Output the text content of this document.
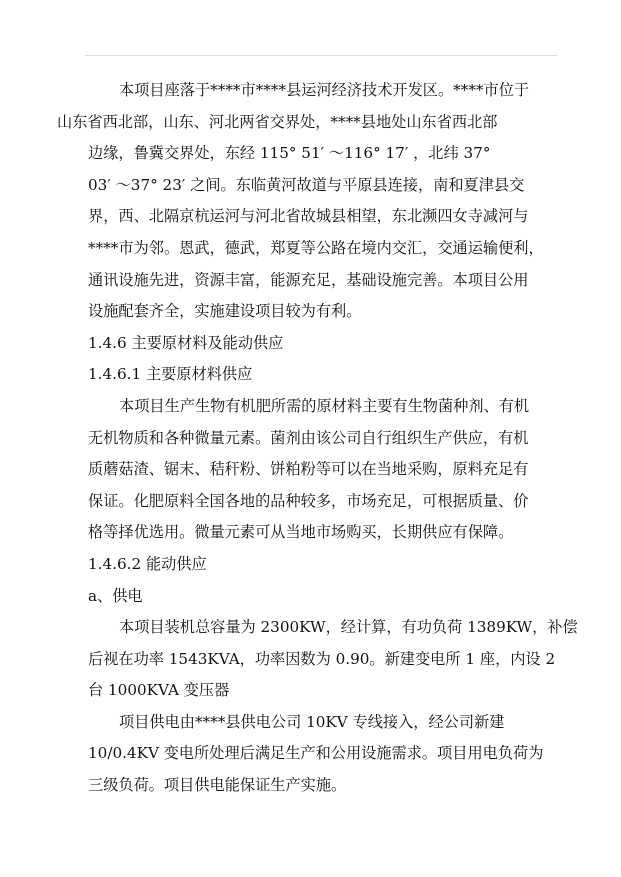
本项目座落于****市****县运河经济技术开发区。****市位于
山东省西北部，山东、河北两省交界处，****县地处山东省西北部
边缘，鲁冀交界处，东经 115° 51′ ～116° 17′ ，北纬 37°
03′ ～37° 23′ 之间。东临黄河故道与平原县连接，南和夏津县交
界，西、北隔京杭运河与河北省故城县相望，东北濒四女寺减河与
****市为邻。恩武，德武，郑夏等公路在境内交汇，交通运输便利，
通讯设施先进，资源丰富，能源充足，基础设施完善。本项目公用
设施配套齐全，实施建设项目较为有利。

1.4.6 主要原材料及能动供应

1.4.6.1 主要原材料供应

本项目生产生物有机肥所需的原材料主要有生物菌种剂、有机
无机物质和各种微量元素。菌剂由该公司自行组织生产供应，有机
质蘑菇渣、锯末、秸秆粉、饼粕粉等可以在当地采购，原料充足有
保证。化肥原料全国各地的品种较多，市场充足，可根据质量、价
格等择优选用。微量元素可从当地市场购买，长期供应有保障。

1.4.6.2 能动供应

a、供电

本项目装机总容量为 2300KW，经计算，有功负荷 1389KW，补偿
后视在功率 1543KVA，功率因数为 0.90。新建变电所 1 座，内设 2
台 1000KVA 变压器

项目供电由****县供电公司 10KV 专线接入，经公司新建
10/0.4KV 变电所处理后满足生产和公用设施需求。项目用电负荷为
三级负荷。项目供电能保证生产实施。
